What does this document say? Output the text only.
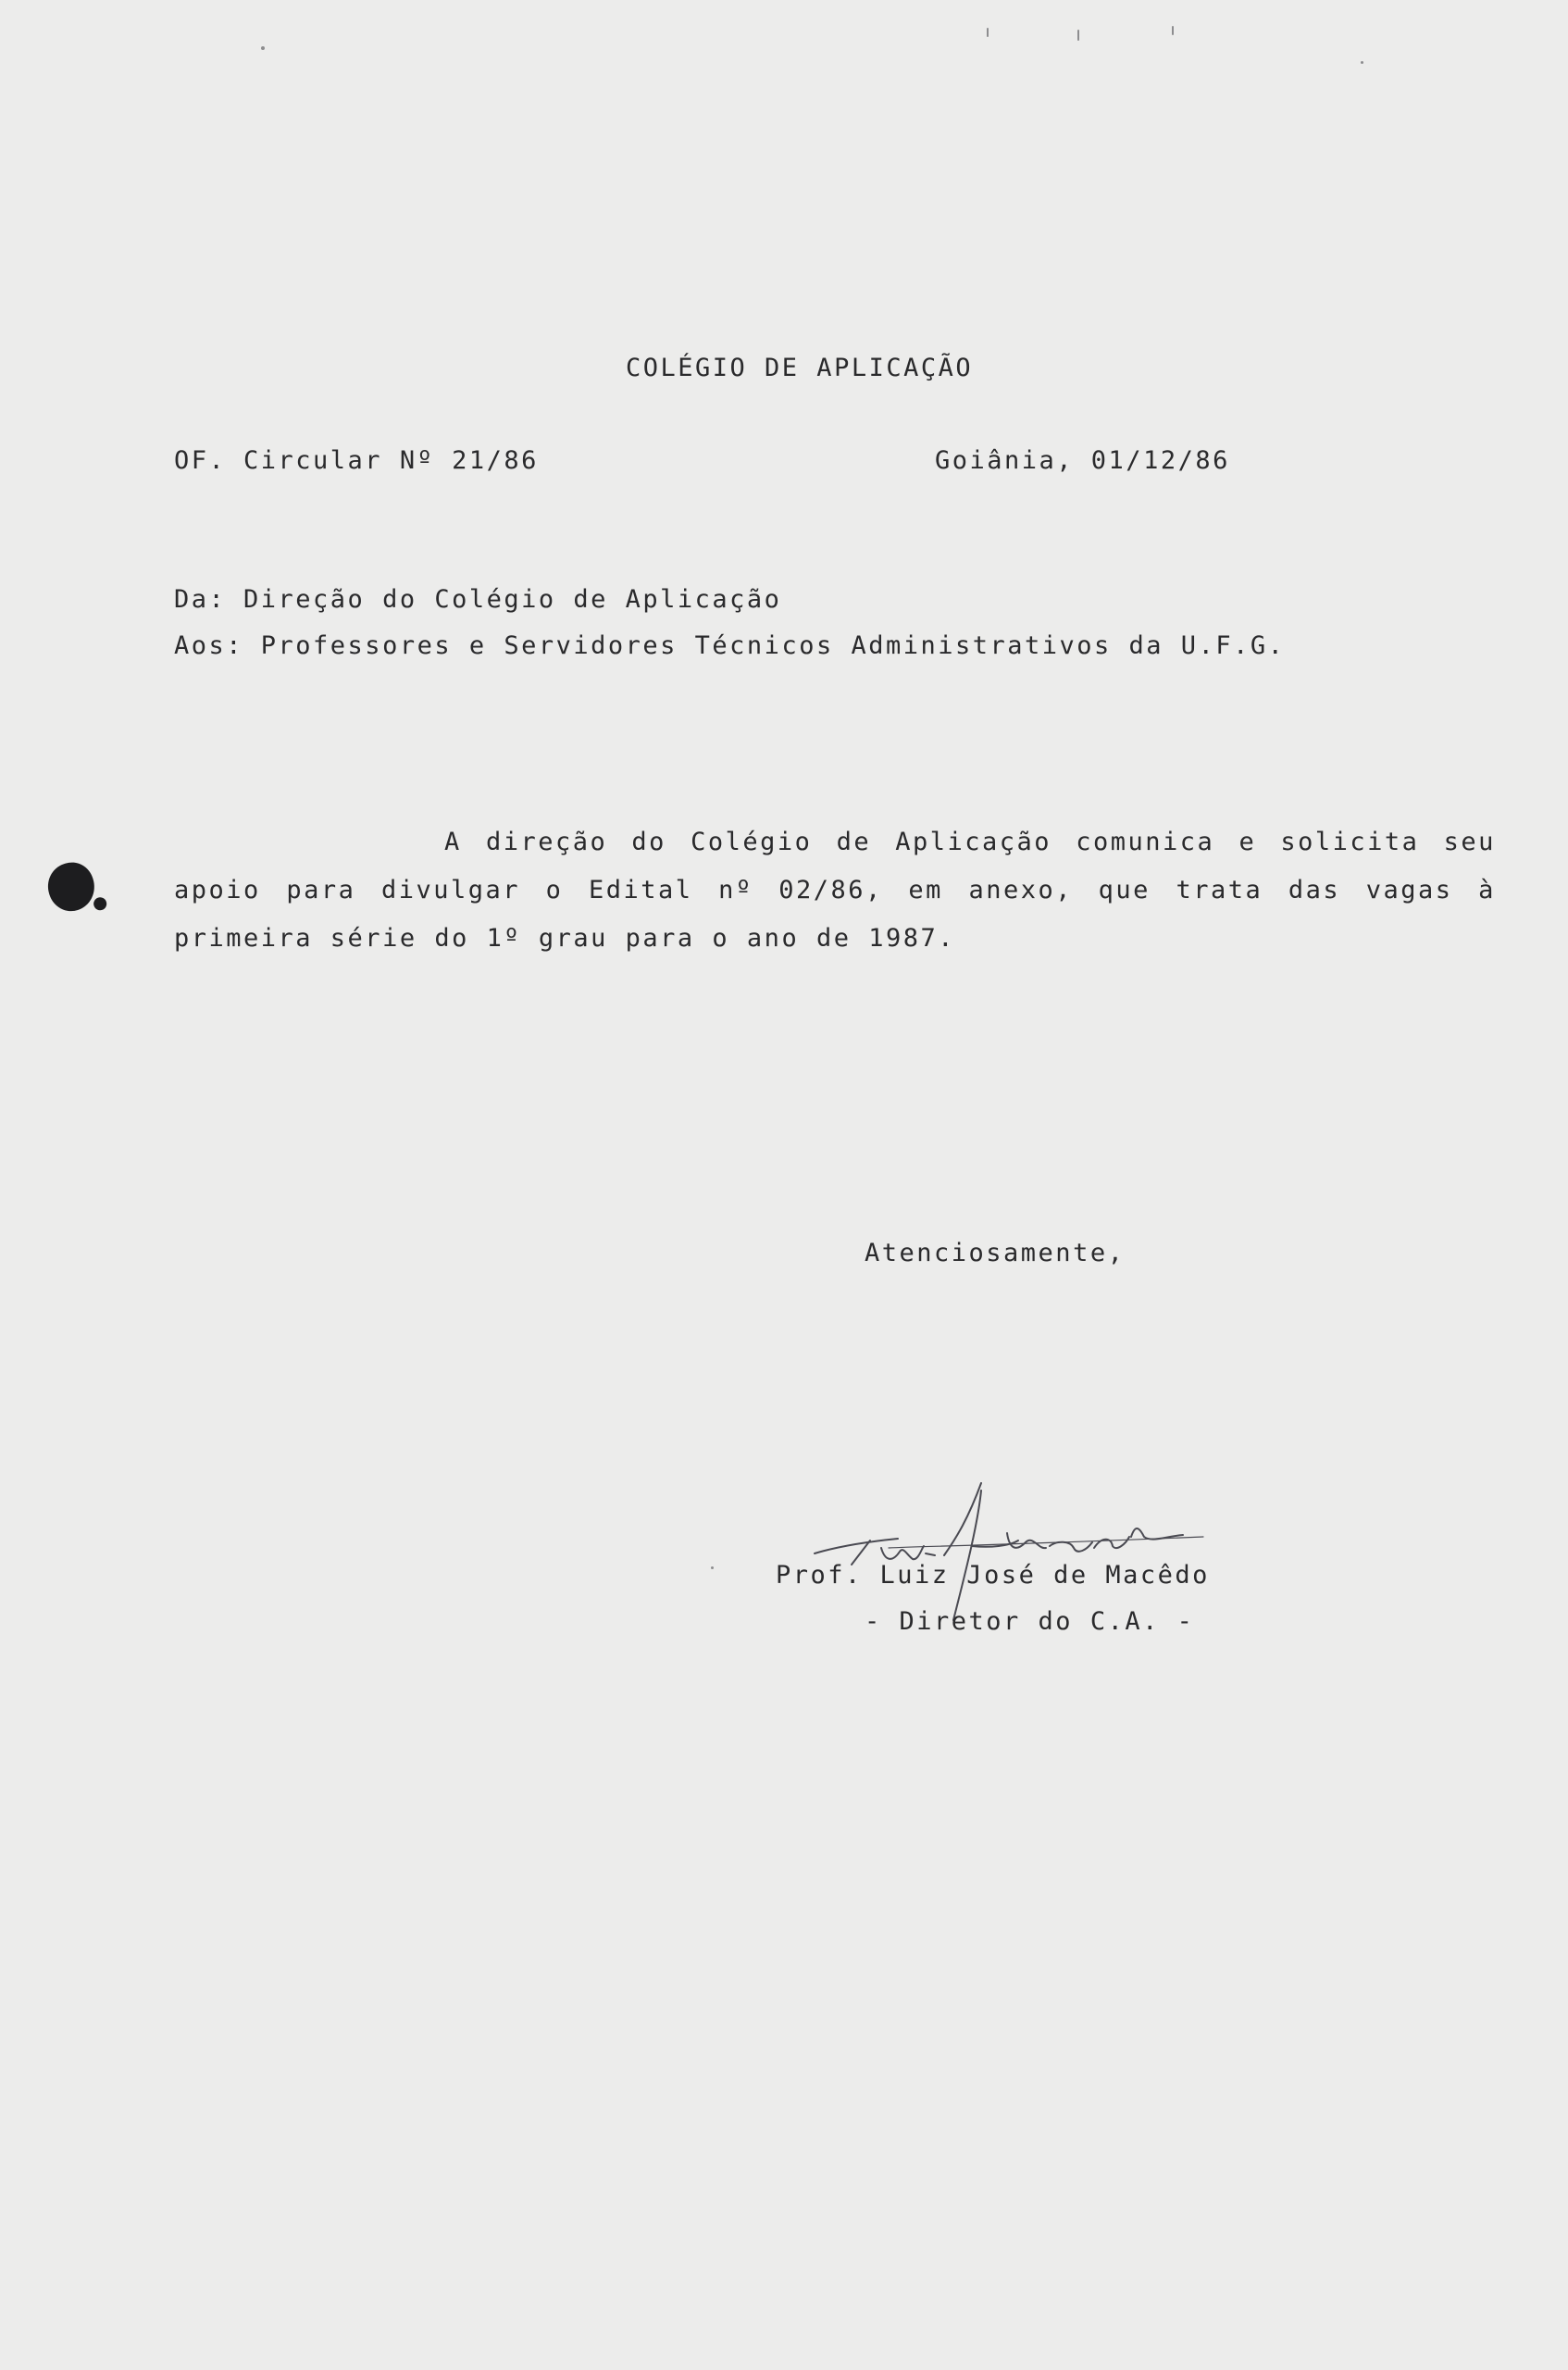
COLÉGIO DE APLICAÇÃO
OF. Circular Nº 21/86	Goiânia, 01/12/86
Da: Direção do Colégio de Aplicação
Aos: Professores e Servidores Técnicos Administrativos da U.F.G.
A direção do Colégio de Aplicação comunica e solicita seu
apoio para divulgar o Edital nº 02/86, em anexo, que trata das vagas à
primeira série do 1º grau para o ano de 1987.
Atenciosamente,
Prof. Luiz José de Macêdo
- Diretor do C.A. -
